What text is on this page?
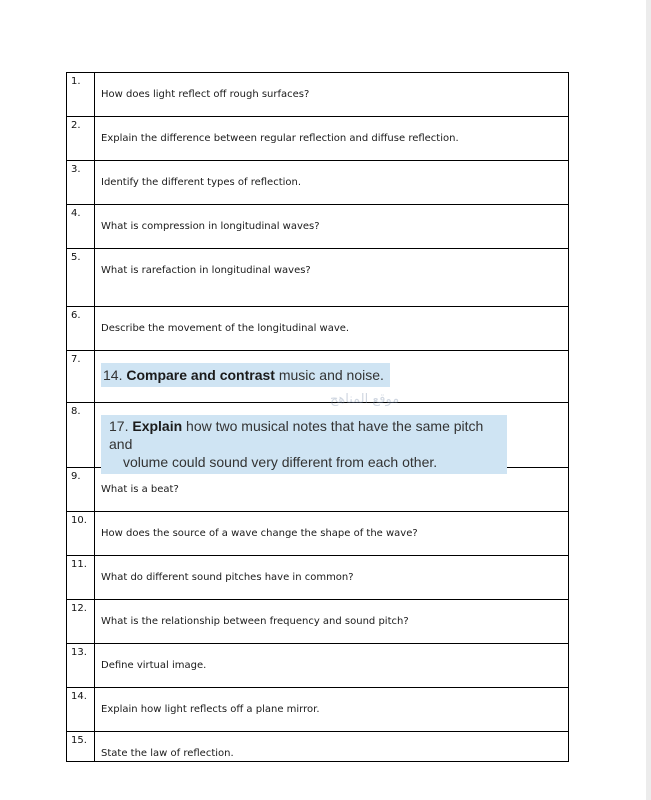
1.	How does light reflect off rough surfaces?

2.	Explain the difference between regular reflection and diffuse reflection.

3.	Identify the different types of reflection.

4.	What is compression in longitudinal waves?

5.	What is rarefaction in longitudinal waves?

6.	Describe the movement of the longitudinal wave.

7.	14. Compare and contrast music and noise.

8.	17. Explain how two musical notes that have the same pitch and
volume could sound very different from each other.

9.	What is a beat?

10.	How does the source of a wave change the shape of the wave?

11.	What do different sound pitches have in common?

12.	What is the relationship between frequency and sound pitch?

13.	Define virtual image.

14.	Explain how light reflects off a plane mirror.

15.	State the law of reflection.
موقع المناهج
